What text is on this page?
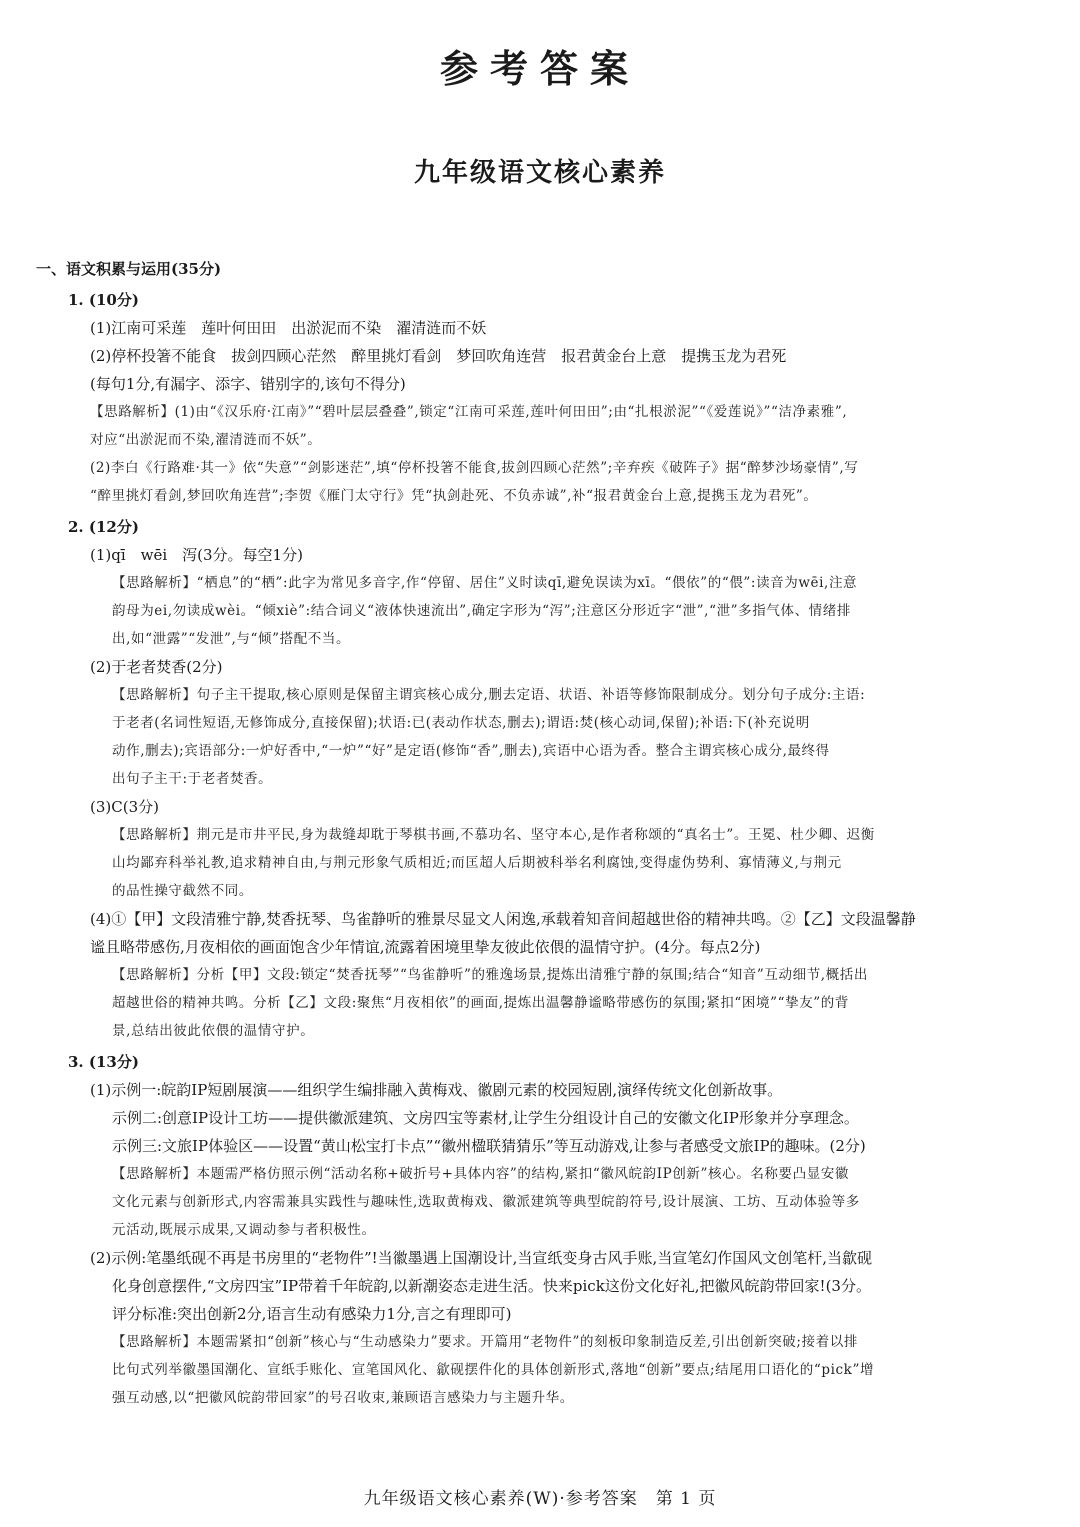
参考答案
九年级语文核心素养
一、语文积累与运用(35分)
1. (10分)
(1)江南可采莲　莲叶何田田　出淤泥而不染　濯清涟而不妖
(2)停杯投箸不能食　拔剑四顾心茫然　醉里挑灯看剑　梦回吹角连营　报君黄金台上意　提携玉龙为君死
(每句1分,有漏字、添字、错别字的,该句不得分)
【思路解析】(1)由“《汉乐府·江南》”“碧叶层层叠叠”,锁定“江南可采莲,莲叶何田田”;由“扎根淤泥”“《爱莲说》”“洁净素雅”,
对应“出淤泥而不染,濯清涟而不妖”。
(2)李白《行路难·其一》依“失意”“剑影迷茫”,填“停杯投箸不能食,拔剑四顾心茫然”;辛弃疾《破阵子》据“醉梦沙场豪情”,写
“醉里挑灯看剑,梦回吹角连营”;李贺《雁门太守行》凭“执剑赴死、不负赤诚”,补“报君黄金台上意,提携玉龙为君死”。
2. (12分)
(1)qī　wēi　泻(3分。每空1分)
【思路解析】“栖息”的“栖”:此字为常见多音字,作“停留、居住”义时读qī,避免误读为xī。“偎依”的“偎”:读音为wēi,注意
韵母为ei,勿读成wèi。“倾xiè”:结合词义“液体快速流出”,确定字形为“泻”;注意区分形近字“泄”,“泄”多指气体、情绪排
出,如“泄露”“发泄”,与“倾”搭配不当。
(2)于老者焚香(2分)
【思路解析】句子主干提取,核心原则是保留主谓宾核心成分,删去定语、状语、补语等修饰限制成分。划分句子成分:主语:
于老者(名词性短语,无修饰成分,直接保留);状语:已(表动作状态,删去);谓语:焚(核心动词,保留);补语:下(补充说明
动作,删去);宾语部分:一炉好香中,“一炉”“好”是定语(修饰“香”,删去),宾语中心语为香。整合主谓宾核心成分,最终得
出句子主干:于老者焚香。
(3)C(3分)
【思路解析】荆元是市井平民,身为裁缝却耽于琴棋书画,不慕功名、坚守本心,是作者称颂的“真名士”。王冕、杜少卿、迟衡
山均鄙弃科举礼教,追求精神自由,与荆元形象气质相近;而匡超人后期被科举名利腐蚀,变得虚伪势利、寡情薄义,与荆元
的品性操守截然不同。
(4)①【甲】文段清雅宁静,焚香抚琴、鸟雀静听的雅景尽显文人闲逸,承载着知音间超越世俗的精神共鸣。②【乙】文段温馨静
谧且略带感伤,月夜相依的画面饱含少年情谊,流露着困境里挚友彼此依偎的温情守护。(4分。每点2分)
【思路解析】分析【甲】文段:锁定“焚香抚琴”“鸟雀静听”的雅逸场景,提炼出清雅宁静的氛围;结合“知音”互动细节,概括出
超越世俗的精神共鸣。分析【乙】文段:聚焦“月夜相依”的画面,提炼出温馨静谧略带感伤的氛围;紧扣“困境”“挚友”的背
景,总结出彼此依偎的温情守护。
3. (13分)
(1)示例一:皖韵IP短剧展演——组织学生编排融入黄梅戏、徽剧元素的校园短剧,演绎传统文化创新故事。
示例二:创意IP设计工坊——提供徽派建筑、文房四宝等素材,让学生分组设计自己的安徽文化IP形象并分享理念。
示例三:文旅IP体验区——设置“黄山松宝打卡点”“徽州楹联猜猜乐”等互动游戏,让参与者感受文旅IP的趣味。(2分)
【思路解析】本题需严格仿照示例“活动名称+破折号+具体内容”的结构,紧扣“徽风皖韵IP创新”核心。名称要凸显安徽
文化元素与创新形式,内容需兼具实践性与趣味性,选取黄梅戏、徽派建筑等典型皖韵符号,设计展演、工坊、互动体验等多
元活动,既展示成果,又调动参与者积极性。
(2)示例:笔墨纸砚不再是书房里的“老物件”!当徽墨遇上国潮设计,当宣纸变身古风手账,当宣笔幻作国风文创笔杆,当歙砚
化身创意摆件,“文房四宝”IP带着千年皖韵,以新潮姿态走进生活。快来pick这份文化好礼,把徽风皖韵带回家!(3分。
评分标准:突出创新2分,语言生动有感染力1分,言之有理即可)
【思路解析】本题需紧扣“创新”核心与“生动感染力”要求。开篇用“老物件”的刻板印象制造反差,引出创新突破;接着以排
比句式列举徽墨国潮化、宣纸手账化、宣笔国风化、歙砚摆件化的具体创新形式,落地“创新”要点;结尾用口语化的“pick”增
强互动感,以“把徽风皖韵带回家”的号召收束,兼顾语言感染力与主题升华。
九年级语文核心素养(W)·参考答案　第 1 页
